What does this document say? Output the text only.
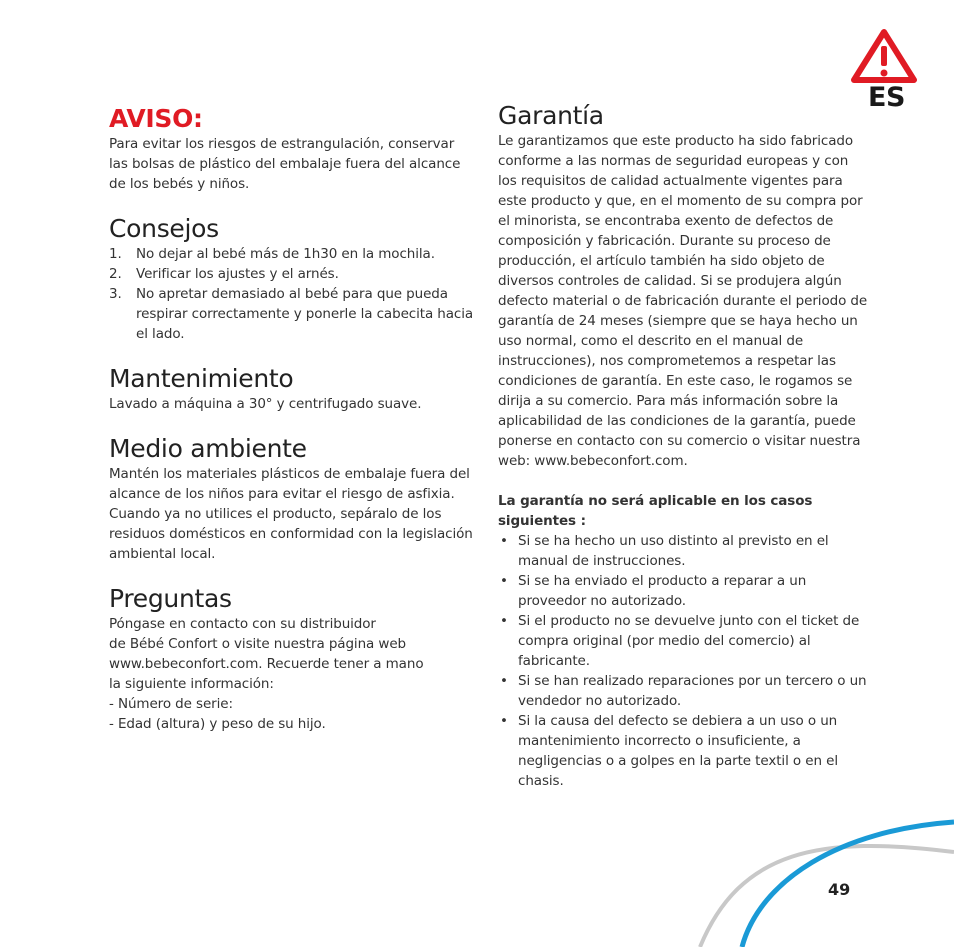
ES
AVISO:

Para evitar los riesgos de estrangulación, conservar las bolsas de plástico del embalaje fuera del alcance de los bebés y niños.

Consejos
1. No dejar al bebé más de 1h30 en la mochila.
2. Verificar los ajustes y el arnés.
3. No apretar demasiado al bebé para que pueda respirar correctamente y ponerle la cabecita hacia el lado.
Mantenimiento

Lavado a máquina a 30° y centrifugado suave.

Medio ambiente

Mantén los materiales plásticos de embalaje fuera del alcance de los niños para evitar el riesgo de asfixia.

Cuando ya no utilices el producto, sepáralo de los residuos domésticos en conformidad con la legislación ambiental local.

Preguntas

Póngase en contacto con su distribuidor

de Bébé Confort o visite nuestra página web

www.bebeconfort.com. Recuerde tener a mano

la siguiente información:

- Número de serie:

- Edad (altura) y peso de su hijo.

Garantía

Le garantizamos que este producto ha sido fabricado conforme a las normas de seguridad europeas y con los requisitos de calidad actualmente vigentes para este producto y que, en el momento de su compra por el minorista, se encontraba exento de defectos de composición y fabricación. Durante su proceso de producción, el artículo también ha sido objeto de diversos controles de calidad. Si se produjera algún defecto material o de fabricación durante el periodo de garantía de 24 meses (siempre que se haya hecho un uso normal, como el descrito en el manual de instrucciones), nos comprometemos a respetar las condiciones de garantía. En este caso, le rogamos se dirija a su comercio. Para más información sobre la aplicabilidad de las condiciones de la garantía, puede ponerse en contacto con su comercio o visitar nuestra web: www.bebeconfort.com.

La garantía no será aplicable en los casos siguientes :

• Si se ha hecho un uso distinto al previsto en el manual de instrucciones.
• Si se ha enviado el producto a reparar a un proveedor no autorizado.
• Si el producto no se devuelve junto con el ticket de compra original (por medio del comercio) al fabricante.
• Si se han realizado reparaciones por un tercero o un vendedor no autorizado.
• Si la causa del defecto se debiera a un uso o un mantenimiento incorrecto o insuficiente, a negligencias o a golpes en la parte textil o en el chasis.
49
